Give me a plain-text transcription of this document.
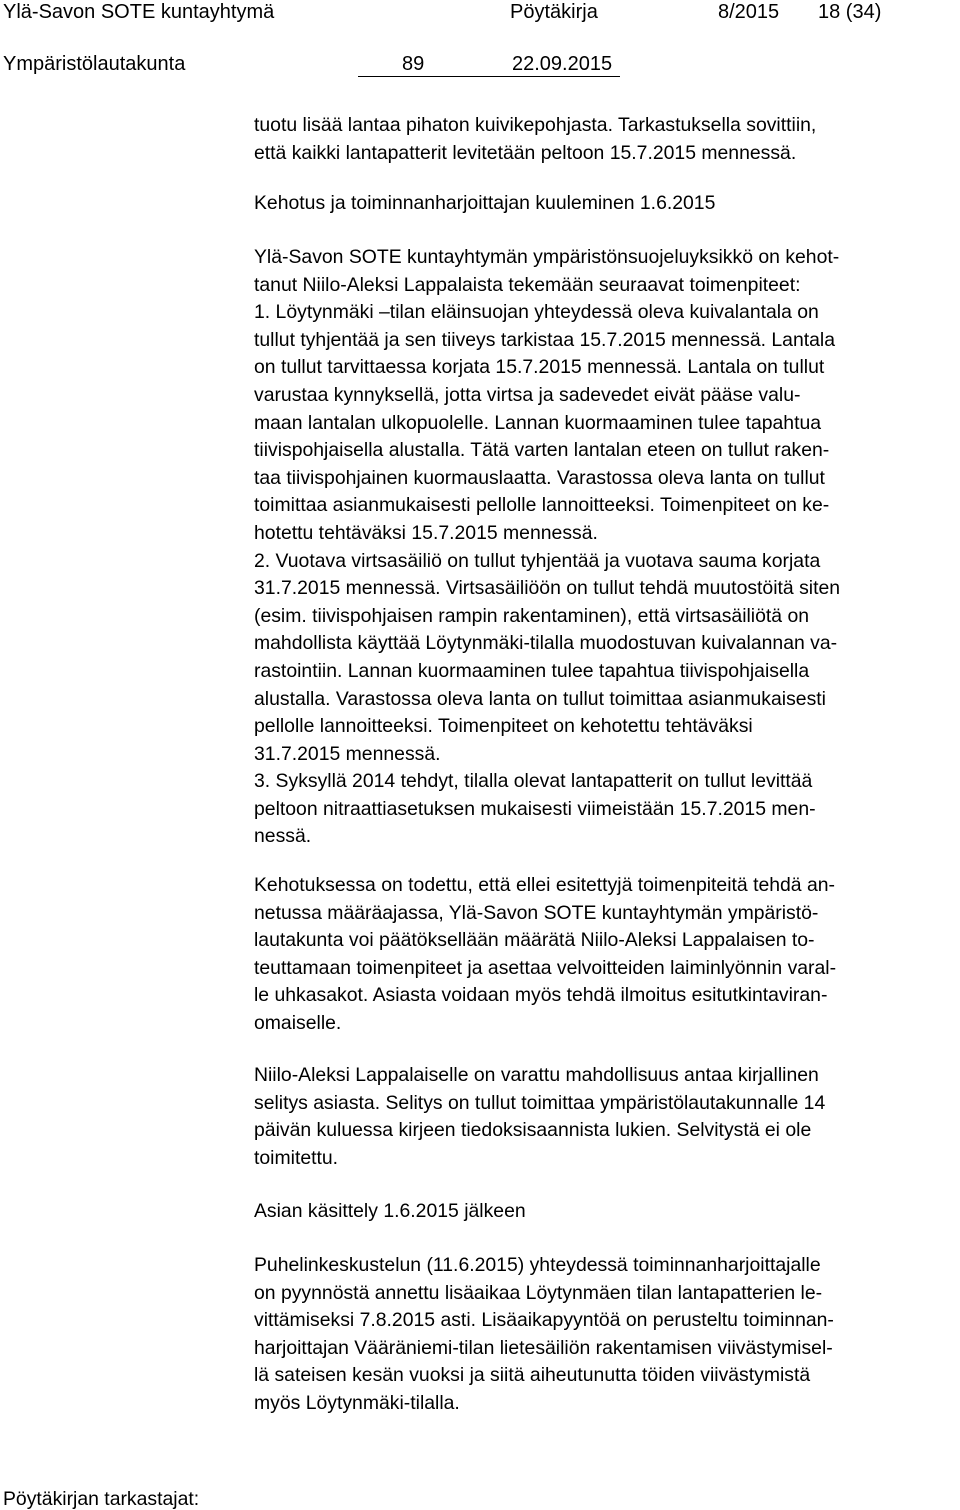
Ylä-Savon SOTE kuntayhtymä	Pöytäkirja	8/2015 18 (34)
Ympäristölautakunta	89	22.09.2015
tuotu lisää lantaa pihaton kuivikepohjasta. Tarkastuksella sovittiin,
että kaikki lantapatterit levitetään peltoon 15.7.2015 mennessä.
Kehotus ja toiminnanharjoittajan kuuleminen 1.6.2015
Ylä-Savon SOTE kuntayhtymän ympäristönsuojeluyksikkö on kehot-
tanut Niilo-Aleksi Lappalaista tekemään seuraavat toimenpiteet:
1. Löytynmäki –tilan eläinsuojan yhteydessä oleva kuivalantala on
tullut tyhjentää ja sen tiiveys tarkistaa 15.7.2015 mennessä. Lantala
on tullut tarvittaessa korjata 15.7.2015 mennessä. Lantala on tullut
varustaa kynnyksellä, jotta virtsa ja sadevedet eivät pääse valu-
maan lantalan ulkopuolelle. Lannan kuormaaminen tulee tapahtua
tiivispohjaisella alustalla. Tätä varten lantalan eteen on tullut raken-
taa tiivispohjainen kuormauslaatta. Varastossa oleva lanta on tullut
toimittaa asianmukaisesti pellolle lannoitteeksi. Toimenpiteet on ke-
hotettu tehtäväksi 15.7.2015 mennessä.
2. Vuotava virtsasäiliö on tullut tyhjentää ja vuotava sauma korjata
31.7.2015 mennessä. Virtsasäiliöön on tullut tehdä muutostöitä siten
(esim. tiivispohjaisen rampin rakentaminen), että virtsasäiliötä on
mahdollista käyttää Löytynmäki-tilalla muodostuvan kuivalannan va-
rastointiin. Lannan kuormaaminen tulee tapahtua tiivispohjaisella
alustalla. Varastossa oleva lanta on tullut toimittaa asianmukaisesti
pellolle lannoitteeksi. Toimenpiteet on kehotettu tehtäväksi
31.7.2015 mennessä.
3. Syksyllä 2014 tehdyt, tilalla olevat lantapatterit on tullut levittää
peltoon nitraattiasetuksen mukaisesti viimeistään 15.7.2015 men-
nessä.
Kehotuksessa on todettu, että ellei esitettyjä toimenpiteitä tehdä an-
netussa määräajassa, Ylä-Savon SOTE kuntayhtymän ympäristö-
lautakunta voi päätöksellään määrätä Niilo-Aleksi Lappalaisen to-
teuttamaan toimenpiteet ja asettaa velvoitteiden laiminlyönnin varal-
le uhkasakot. Asiasta voidaan myös tehdä ilmoitus esitutkintaviran-
omaiselle.
Niilo-Aleksi Lappalaiselle on varattu mahdollisuus antaa kirjallinen
selitys asiasta. Selitys on tullut toimittaa ympäristölautakunnalle 14
päivän kuluessa kirjeen tiedoksisaannista lukien. Selvitystä ei ole
toimitettu.
Asian käsittely 1.6.2015 jälkeen
Puhelinkeskustelun (11.6.2015) yhteydessä toiminnanharjoittajalle
on pyynnöstä annettu lisäaikaa Löytynmäen tilan lantapatterien le-
vittämiseksi 7.8.2015 asti. Lisäaikapyyntöä on perusteltu toiminnan-
harjoittajan Vääräniemi-tilan lietesäiliön rakentamisen viivästymisel-
lä sateisen kesän vuoksi ja siitä aiheutunutta töiden viivästymistä
myös Löytynmäki-tilalla.
Pöytäkirjan tarkastajat:
